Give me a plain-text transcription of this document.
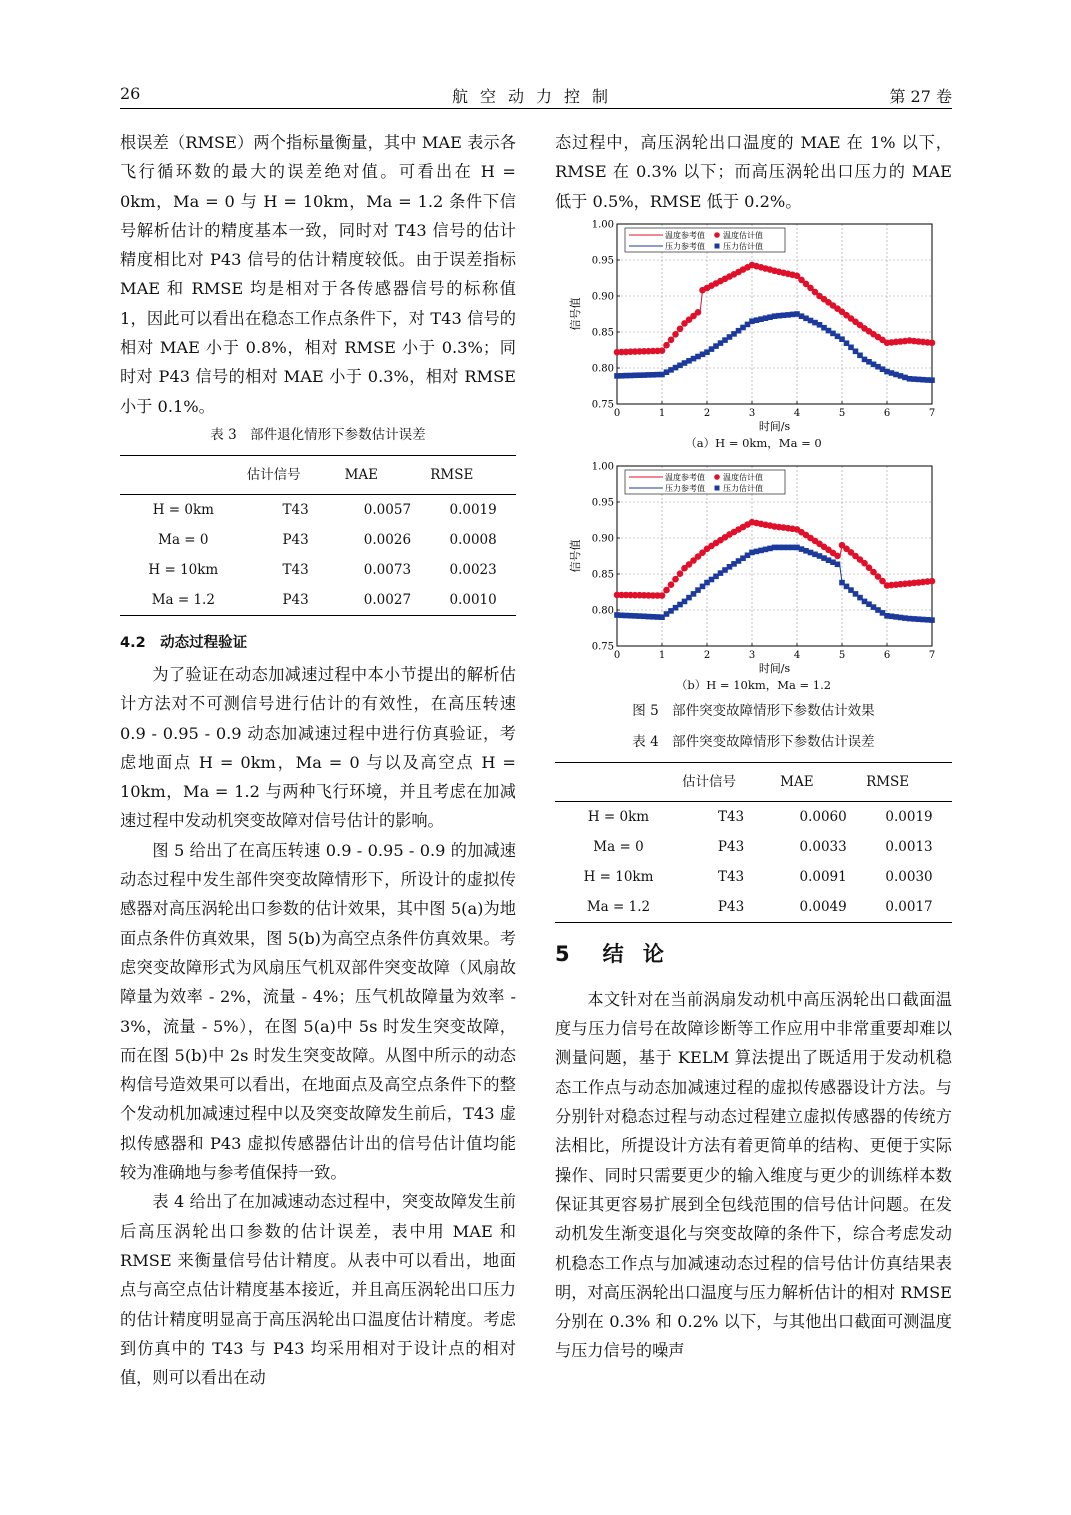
26	航空动力控制	第 27 卷

根误差（RMSE）两个指标量衡量，其中 MAE 表示各飞行循环数的最大的误差绝对值。可看出在 H = 0km，Ma = 0 与 H = 10km，Ma = 1.2 条件下信号解析估计的精度基本一致，同时对 T43 信号的估计精度相比对 P43 信号的估计精度较低。由于误差指标 MAE 和 RMSE 均是相对于各传感器信号的标称值 1，因此可以看出在稳态工作点条件下，对 T43 信号的相对 MAE 小于 0.8%，相对 RMSE 小于 0.3%；同时对 P43 信号的相对 MAE 小于 0.3%，相对 RMSE 小于 0.1%。

表 3　部件退化情形下参数估计误差
	估计信号	MAE	RMSE
H = 0km	T43	0.0057	0.0019
Ma = 0	P43	0.0026	0.0008
H = 10km	T43	0.0073	0.0023
Ma = 1.2	P43	0.0027	0.0010
4.2　动态过程验证

为了验证在动态加减速过程中本小节提出的解析估计方法对不可测信号进行估计的有效性，在高压转速 0.9 - 0.95 - 0.9 动态加减速过程中进行仿真验证，考虑地面点 H = 0km，Ma = 0 与以及高空点 H = 10km，Ma = 1.2 与两种飞行环境，并且考虑在加减速过程中发动机突变故障对信号估计的影响。

图 5 给出了在高压转速 0.9 - 0.95 - 0.9 的加减速动态过程中发生部件突变故障情形下，所设计的虚拟传感器对高压涡轮出口参数的估计效果，其中图 5(a)为地面点条件仿真效果，图 5(b)为高空点条件仿真效果。考虑突变故障形式为风扇压气机双部件突变故障（风扇故障量为效率 - 2%，流量 - 4%；压气机故障量为效率 - 3%，流量 - 5%），在图 5(a)中 5s 时发生突变故障，而在图 5(b)中 2s 时发生突变故障。从图中所示的动态构信号造效果可以看出，在地面点及高空点条件下的整个发动机加减速过程中以及突变故障发生前后，T43 虚拟传感器和 P43 虚拟传感器估计出的信号估计值均能较为准确地与参考值保持一致。

表 4 给出了在加减速动态过程中，突变故障发生前后高压涡轮出口参数的估计误差，表中用 MAE 和 RMSE 来衡量信号估计精度。从表中可以看出，地面点与高空点估计精度基本接近，并且高压涡轮出口压力的估计精度明显高于高压涡轮出口温度估计精度。考虑到仿真中的 T43 与 P43 均采用相对于设计点的相对值，则可以看出在动

态过程中，高压涡轮出口温度的 MAE 在 1% 以下，RMSE 在 0.3% 以下；而高压涡轮出口压力的 MAE 低于 0.5%，RMSE 低于 0.2%。

0	1	2	3	4	5	6	7
0.75
0.80
0.85
0.90
0.95
1.00
时间/s
信号值
温度参考值 温度估计值
压力参考值 压力估计值
（a）H = 0km，Ma = 0
0	1	2	3	4	5	6	7
0.75
0.80
0.85
0.90
0.95
1.00
时间/s
信号值
温度参考值 温度估计值
压力参考值 压力估计值
（b）H = 10km，Ma = 1.2
图 5　部件突变故障情形下参数估计效果
表 4　部件突变故障情形下参数估计误差
	估计信号	MAE	RMSE
H = 0km	T43	0.0060	0.0019
Ma = 0	P43	0.0033	0.0013
H = 10km	T43	0.0091	0.0030
Ma = 1.2	P43	0.0049	0.0017
5　结 论

本文针对在当前涡扇发动机中高压涡轮出口截面温度与压力信号在故障诊断等工作应用中非常重要却难以测量问题，基于 KELM 算法提出了既适用于发动机稳态工作点与动态加减速过程的虚拟传感器设计方法。与分别针对稳态过程与动态过程建立虚拟传感器的传统方法相比，所提设计方法有着更简单的结构、更便于实际操作、同时只需要更少的输入维度与更少的训练样本数保证其更容易扩展到全包线范围的信号估计问题。在发动机发生渐变退化与突变故障的条件下，综合考虑发动机稳态工作点与加减速动态过程的信号估计仿真结果表明，对高压涡轮出口温度与压力解析估计的相对 RMSE 分别在 0.3% 和 0.2% 以下，与其他出口截面可测温度与压力信号的噪声
